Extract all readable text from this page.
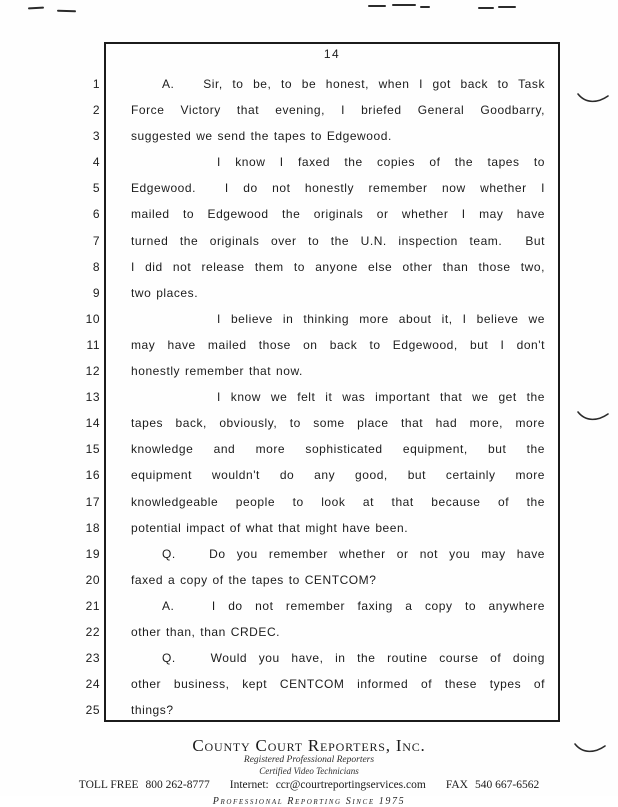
14
1	A.   Sir, to be, to be honest, when I got back to Task
2	Force Victory that evening, I briefed General Goodbarry,
3	suggested we send the tapes to Edgewood.
4	I know I faxed the copies of the tapes to
5	Edgewood.  I do not honestly remember now whether I
6	mailed to Edgewood the originals or whether I may have
7	turned the originals over to the U.N. inspection team.  But
8	I did not release them to anyone else other than those two,
9	two places.
10	I believe in thinking more about it, I believe we
11	may have mailed those on back to Edgewood, but I don't
12	honestly remember that now.
13	I know we felt it was important that we get the
14	tapes back, obviously, to some place that had more, more
15	knowledge and more sophisticated equipment, but the
16	equipment wouldn't do any good, but certainly more
17	knowledgeable people to look at that because of the
18	potential impact of what that might have been.
19	Q.   Do you remember whether or not you may have
20	faxed a copy of the tapes to CENTCOM?
21	A.   I do not remember faxing a copy to anywhere
22	other than, than CRDEC.
23	Q.   Would you have, in the routine course of doing
24	other business, kept CENTCOM informed of these types of
25	things?
County Court Reporters, Inc.
Registered Professional Reporters
Certified Video Technicians
TOLL FREE 800 262-8777 Internet: ccr@courtreportingservices.com FAX 540 667-6562
Professional Reporting Since 1975
